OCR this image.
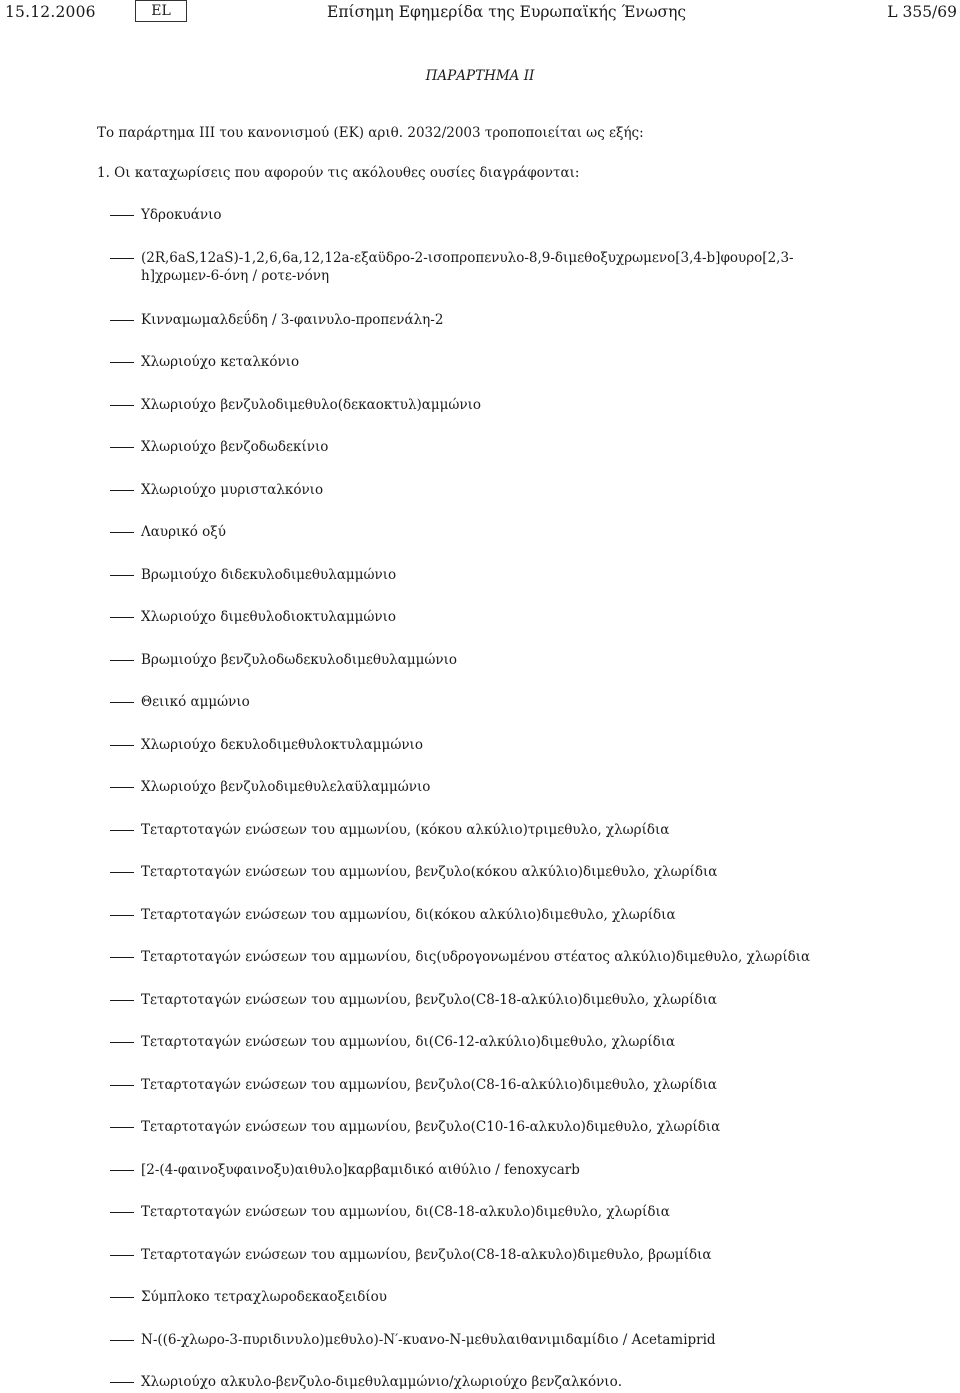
15.12.2006	EL	Επίσημη Εφημερίδα της Ευρωπαϊκής Ένωσης	L 355/69
ΠΑΡΑΡΤΗΜΑ ΙΙ
Το παράρτημα ΙΙΙ του κανονισμού (ΕΚ) αριθ. 2032/2003 τροποποιείται ως εξής:
1. Οι καταχωρίσεις που αφορούν τις ακόλουθες ουσίες διαγράφονται:
Υδροκυάνιο
(2R,6aS,12aS)-1,2,6,6a,12,12a-εξαϋδρο-2-ισοπροπενυλο-8,9-διμεθοξυχρωμενο[3,4-b]φουρο[2,3-h]χρωμεν-6-όνη / ροτε-νόνη
Κινναμωμαλδεΰδη / 3-φαινυλο-προπενάλη-2
Χλωριούχο κεταλκόνιο
Χλωριούχο βενζυλοδιμεθυλο(δεκαοκτυλ)αμμώνιο
Χλωριούχο βενζοδωδεκίνιο
Χλωριούχο μυρισταλκόνιο
Λαυρικό οξύ
Βρωμιούχο διδεκυλοδιμεθυλαμμώνιο
Χλωριούχο διμεθυλοδιοκτυλαμμώνιο
Βρωμιούχο βενζυλοδωδεκυλοδιμεθυλαμμώνιο
Θειικό αμμώνιο
Χλωριούχο δεκυλοδιμεθυλοκτυλαμμώνιο
Χλωριούχο βενζυλοδιμεθυλελαϋλαμμώνιο
Τεταρτοταγών ενώσεων του αμμωνίου, (κόκου αλκύλιο)τριμεθυλο, χλωρίδια
Τεταρτοταγών ενώσεων του αμμωνίου, βενζυλο(κόκου αλκύλιο)διμεθυλο, χλωρίδια
Τεταρτοταγών ενώσεων του αμμωνίου, δι(κόκου αλκύλιο)διμεθυλο, χλωρίδια
Τεταρτοταγών ενώσεων του αμμωνίου, δις(υδρογονωμένου στέατος αλκύλιο)διμεθυλο, χλωρίδια
Τεταρτοταγών ενώσεων του αμμωνίου, βενζυλο(C8-18-αλκύλιο)διμεθυλο, χλωρίδια
Τεταρτοταγών ενώσεων του αμμωνίου, δι(C6-12-αλκύλιο)διμεθυλο, χλωρίδια
Τεταρτοταγών ενώσεων του αμμωνίου, βενζυλο(C8-16-αλκύλιο)διμεθυλο, χλωρίδια
Τεταρτοταγών ενώσεων του αμμωνίου, βενζυλο(C10-16-αλκυλο)διμεθυλο, χλωρίδια
[2-(4-φαινοξυφαινοξυ)αιθυλο]καρβαμιδικό αιθύλιο / fenoxycarb
Τεταρτοταγών ενώσεων του αμμωνίου, δι(C8-18-αλκυλο)διμεθυλο, χλωρίδια
Τεταρτοταγών ενώσεων του αμμωνίου, βενζυλο(C8-18-αλκυλο)διμεθυλο, βρωμίδια
Σύμπλοκο τετραχλωροδεκαοξειδίου
N-((6-χλωρο-3-πυριδινυλο)μεθυλο)-N′-κυανο-N-μεθυλαιθανιμιδαμίδιο / Acetamiprid
Χλωριούχο αλκυλο-βενζυλο-διμεθυλαμμώνιο/χλωριούχο βενζαλκόνιο.
